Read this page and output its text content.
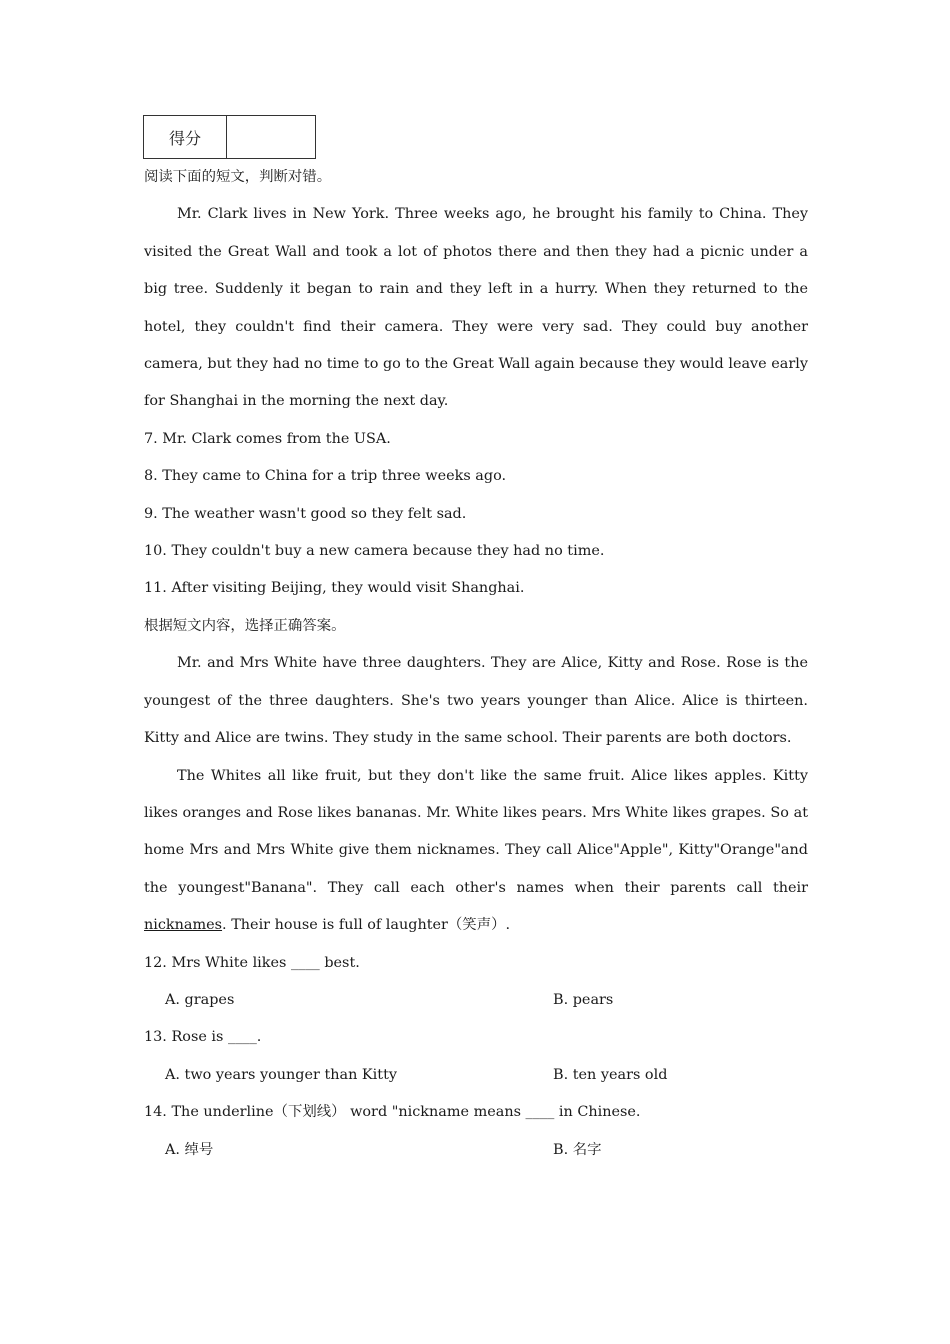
得分	

阅读下面的短文，判断对错。

Mr. Clark lives in New York. Three weeks ago, he brought his family to China. They visited the Great Wall and took a lot of photos there and then they had a picnic under a big tree. Suddenly it began to rain and they left in a hurry. When they returned to the hotel, they couldn't find their camera. They were very sad. They could buy another camera, but they had no time to go to the Great Wall again because they would leave early for Shanghai in the morning the next day.

7. Mr. Clark comes from the USA.

8. They came to China for a trip three weeks ago.

9. The weather wasn't good so they felt sad.

10. They couldn't buy a new camera because they had no time.

11. After visiting Beijing, they would visit Shanghai.

根据短文内容，选择正确答案。

Mr. and Mrs White have three daughters. They are Alice, Kitty and Rose. Rose is the youngest of the three daughters. She's two years younger than Alice. Alice is thirteen. Kitty and Alice are twins. They study in the same school. Their parents are both doctors.

The Whites all like fruit, but they don't like the same fruit. Alice likes apples. Kitty likes oranges and Rose likes bananas. Mr. White likes pears. Mrs White likes grapes. So at home Mrs and Mrs White give them nicknames. They call Alice"Apple", Kitty"Orange"and the youngest"Banana". They call each other's names when their parents call their nicknames. Their house is full of laughter（笑声）.

12. Mrs White likes ____ best.

A. grapes	B. pears

13. Rose is ____.

A. two years younger than Kitty	B. ten years old

14. The underline（下划线） word "nickname means ____ in Chinese.

A. 绰号	B. 名字
